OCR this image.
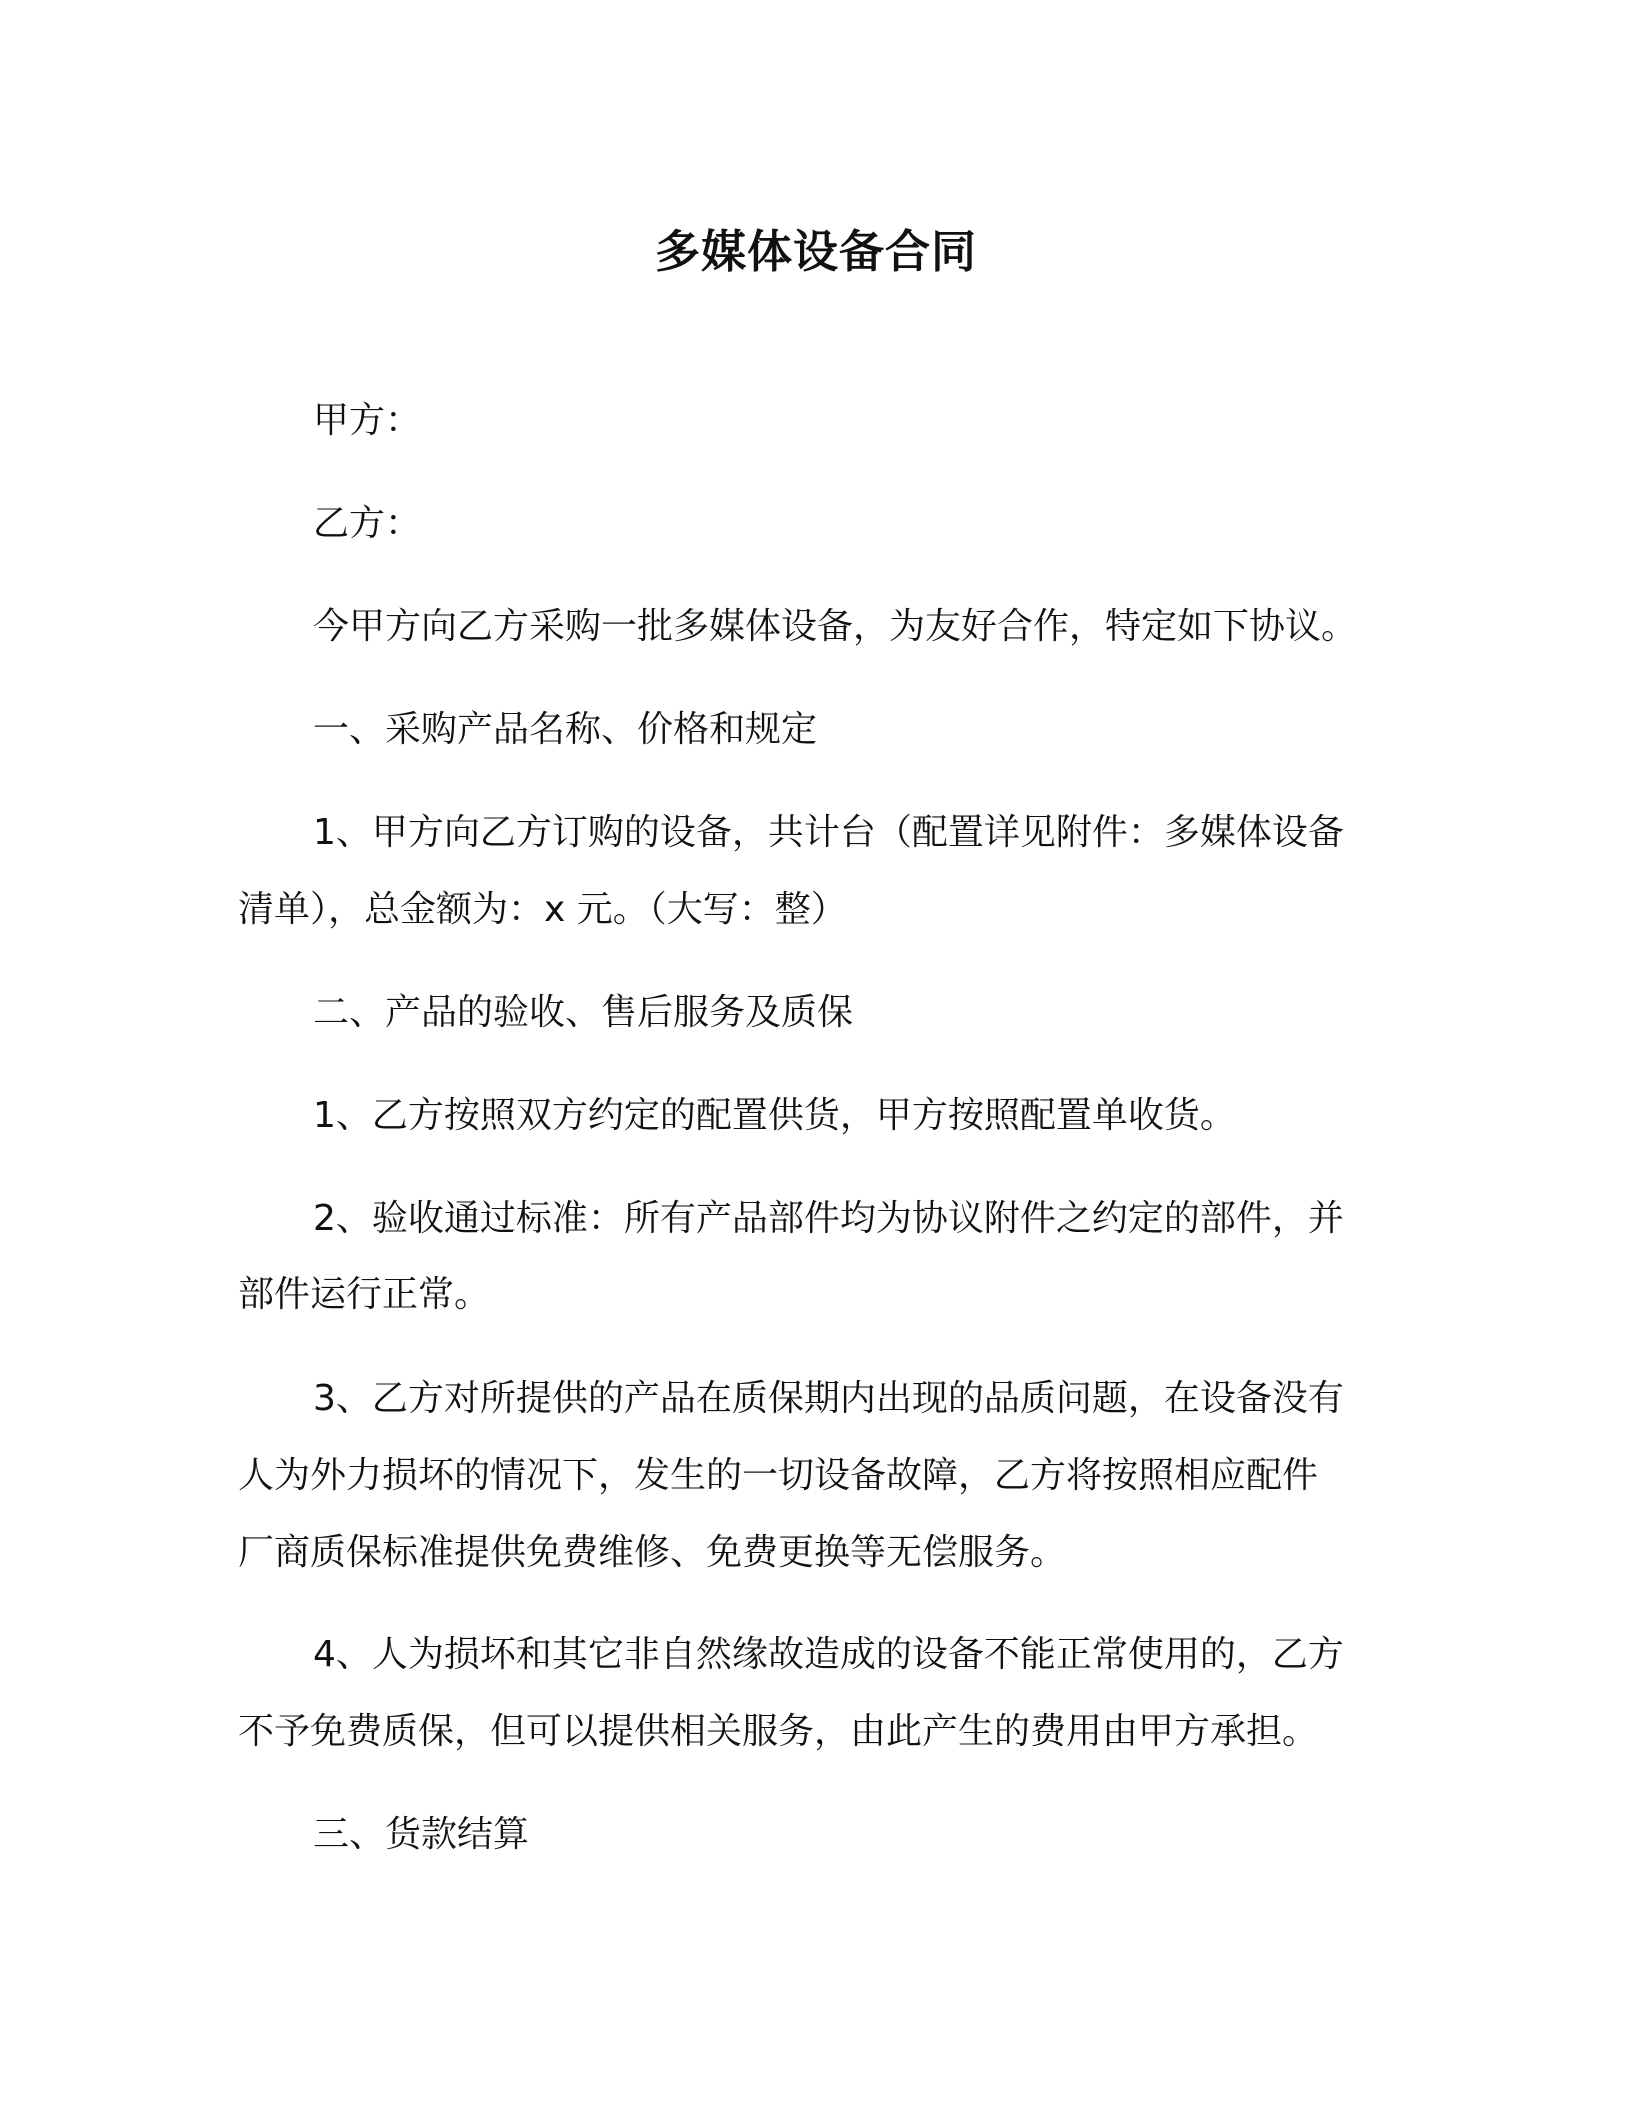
多媒体设备合同
甲方：
乙方：
今甲方向乙方采购一批多媒体设备，为友好合作，特定如下协议。
一、采购产品名称、价格和规定
1、甲方向乙方订购的设备，共计台（配置详见附件：多媒体设备
清单），总金额为：x 元。（大写：整）
二、产品的验收、售后服务及质保
1、乙方按照双方约定的配置供货，甲方按照配置单收货。
2、验收通过标准：所有产品部件均为协议附件之约定的部件，并
部件运行正常。
3、乙方对所提供的产品在质保期内出现的品质问题，在设备没有
人为外力损坏的情况下，发生的一切设备故障，乙方将按照相应配件
厂商质保标准提供免费维修、免费更换等无偿服务。
4、人为损坏和其它非自然缘故造成的设备不能正常使用的，乙方
不予免费质保，但可以提供相关服务，由此产生的费用由甲方承担。
三、货款结算
